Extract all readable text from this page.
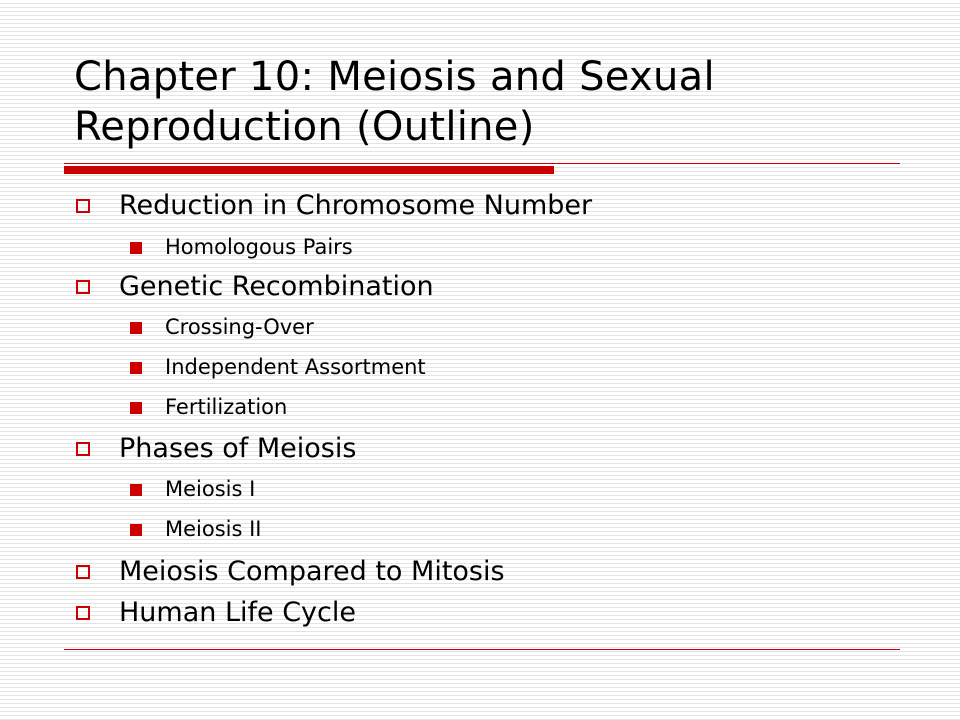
Chapter 10: Meiosis and Sexual Reproduction (Outline)
Reduction in Chromosome Number
Homologous Pairs
Genetic Recombination
Crossing-Over
Independent Assortment
Fertilization
Phases of Meiosis
Meiosis I
Meiosis II
Meiosis Compared to Mitosis
Human Life Cycle
